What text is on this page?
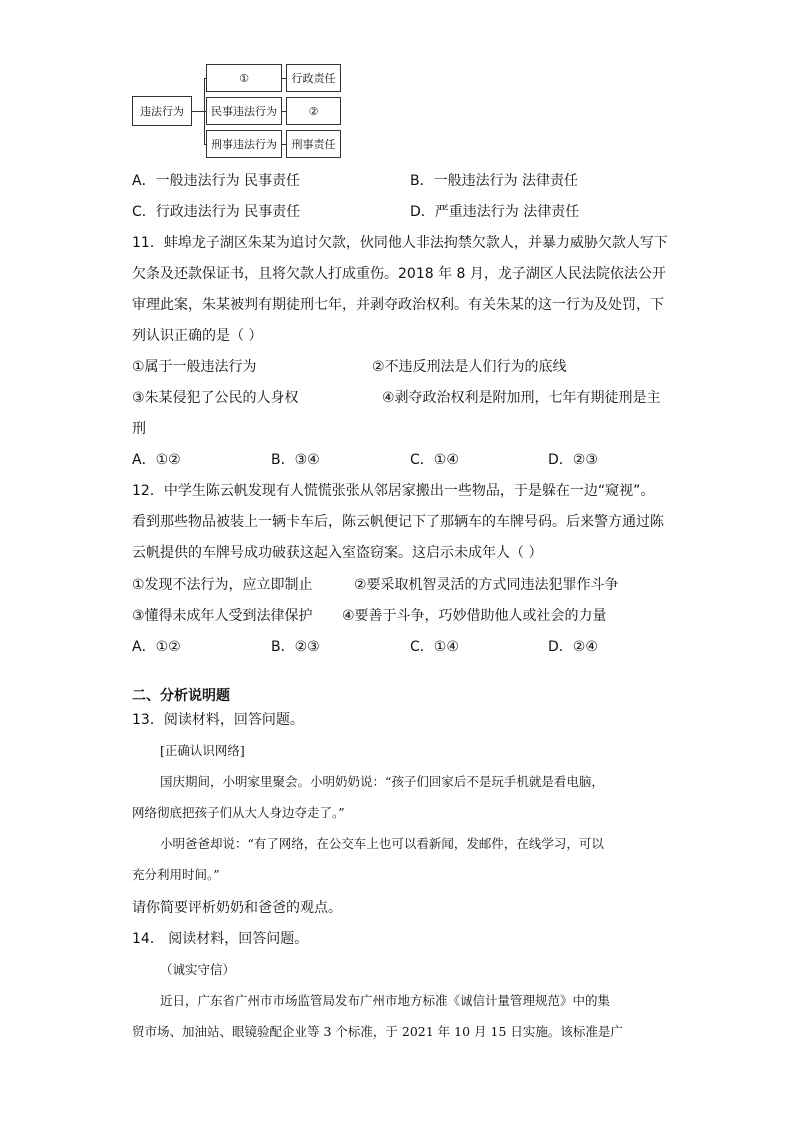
违法行为
①
民事违法行为
刑事违法行为
行政责任
②
刑事责任
A．一般违法行为 民事责任	B．一般违法行为 法律责任
C．行政违法行为 民事责任	D．严重违法行为 法律责任
11．蚌埠龙子湖区朱某为追讨欠款，伙同他人非法拘禁欠款人，并暴力威胁欠款人写下
欠条及还款保证书，且将欠款人打成重伤。2018 年 8 月，龙子湖区人民法院依法公开
审理此案，朱某被判有期徒刑七年，并剥夺政治权利。有关朱某的这一行为及处罚，下
列认识正确的是（ ）
①属于一般违法行为	②不违反刑法是人们行为的底线
③朱某侵犯了公民的人身权	④剥夺政治权利是附加刑，七年有期徒刑是主
刑
A．①②	B．③④	C．①④	D．②③
12．中学生陈云帆发现有人慌慌张张从邻居家搬出一些物品，于是躲在一边“窥视”。
看到那些物品被装上一辆卡车后，陈云帆便记下了那辆车的车牌号码。后来警方通过陈
云帆提供的车牌号成功破获这起入室盗窃案。这启示未成年人（ ）
①发现不法行为，应立即制止	②要采取机智灵活的方式同违法犯罪作斗争
③懂得未成年人受到法律保护 ④要善于斗争，巧妙借助他人或社会的力量
A．①②	B．②③	C．①④	D．②④
二、分析说明题
13．阅读材料，回答问题。
[正确认识网络]
国庆期间，小明家里聚会。小明奶奶说：“孩子们回家后不是玩手机就是看电脑，
网络彻底把孩子们从大人身边夺走了。”
小明爸爸却说：“有了网络，在公交车上也可以看新闻，发邮件，在线学习，可以
充分利用时间。”
请你简要评析奶奶和爸爸的观点。
14． 阅读材料，回答问题。
（诚实守信）
近日，广东省广州市市场监管局发布广州市地方标准《诚信计量管理规范》中的集
贸市场、加油站、眼镜验配企业等 3 个标准，于 2021 年 10 月 15 日实施。该标准是广
